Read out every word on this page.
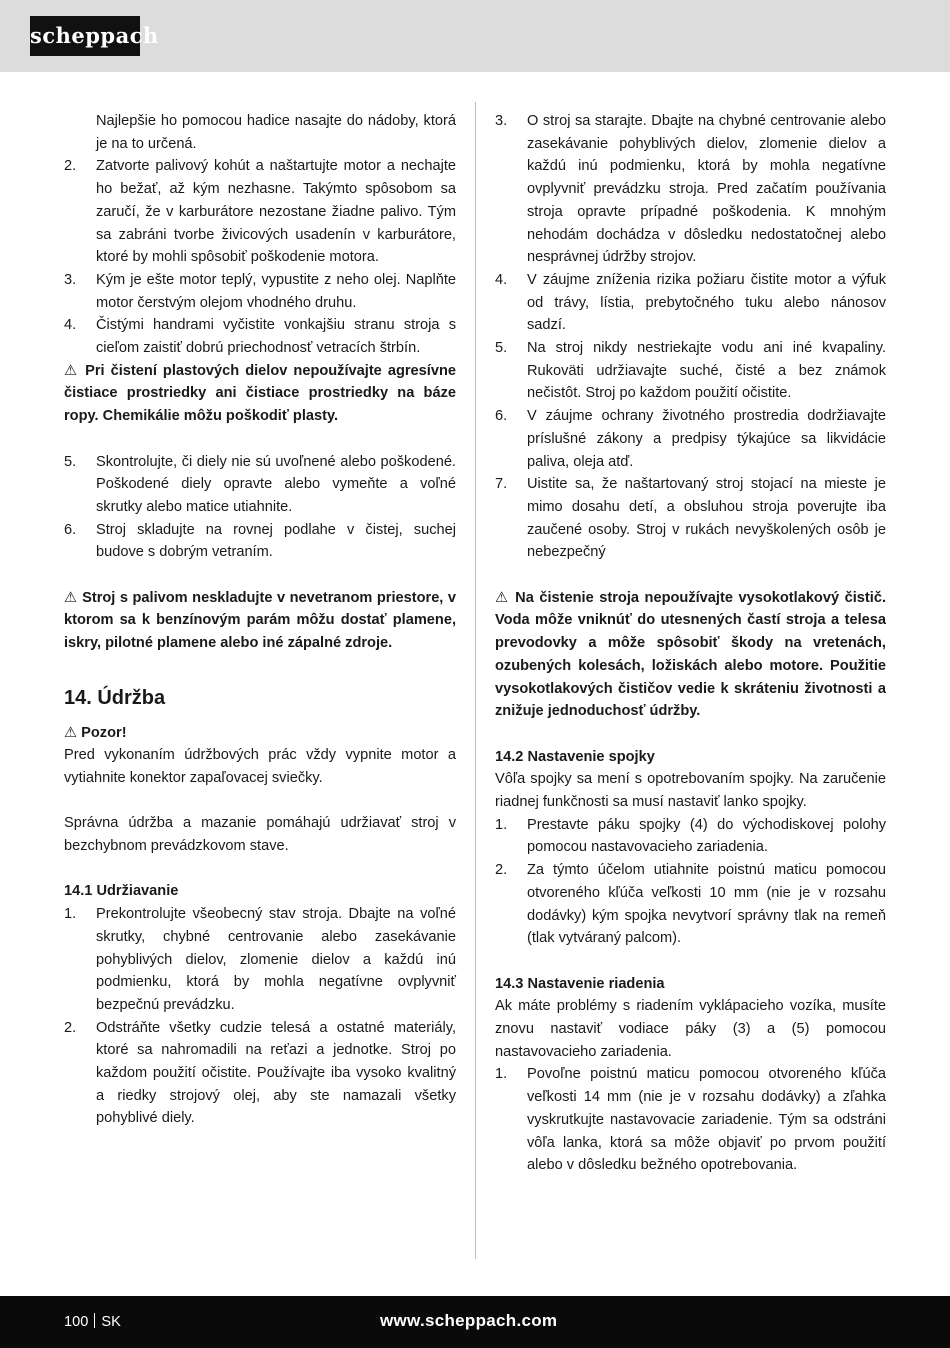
scheppach

Najlepšie ho pomocou hadice nasajte do nádoby, ktorá je na to určená.

2.	Zatvorte palivový kohút a naštartujte motor a nechajte ho bežať, až kým nezhasne. Takýmto spôsobom sa zaručí, že v karburátore nezostane žiadne palivo. Tým sa zabráni tvorbe živicových usadenín v karburátore, ktoré by mohli spôsobiť poškodenie motora.
3.	Kým je ešte motor teplý, vypustite z neho olej. Naplňte motor čerstvým olejom vhodného druhu.
4.	Čistými handrami vyčistite vonkajšiu stranu stroja s cieľom zaistiť dobrú priechodnosť vetracích štrbín.

⚠ Pri čistení plastových dielov nepoužívajte agresívne čistiace prostriedky ani čistiace prostriedky na báze ropy. Chemikálie môžu poškodiť plasty.

5.	Skontrolujte, či diely nie sú uvoľnené alebo poškodené. Poškodené diely opravte alebo vymeňte a voľné skrutky alebo matice utiahnite.
6.	Stroj skladujte na rovnej podlahe v čistej, suchej budove s dobrým vetraním.

⚠ Stroj s palivom neskladujte v nevetranom priestore, v ktorom sa k benzínovým parám môžu dostať plamene, iskry, pilotné plamene alebo iné zápalné zdroje.

14. Údržba

⚠ Pozor!

Pred vykonaním údržbových prác vždy vypnite motor a vytiahnite konektor zapaľovacej sviečky.

Správna údržba a mazanie pomáhajú udržiavať stroj v bezchybnom prevádzkovom stave.

14.1 Udržiavanie

1.	Prekontrolujte všeobecný stav stroja. Dbajte na voľné skrutky, chybné centrovanie alebo zasekávanie pohyblivých dielov, zlomenie dielov a každú inú podmienku, ktorá by mohla negatívne ovplyvniť bezpečnú prevádzku.
2.	Odstráňte všetky cudzie telesá a ostatné materiály, ktoré sa nahromadili na reťazi a jednotke. Stroj po každom použití očistite. Používajte iba vysoko kvalitný a riedky strojový olej, aby ste namazali všetky pohyblivé diely.
3.	O stroj sa starajte. Dbajte na chybné centrovanie alebo zasekávanie pohyblivých dielov, zlomenie dielov a každú inú podmienku, ktorá by mohla negatívne ovplyvniť prevádzku stroja. Pred začatím používania stroja opravte prípadné poškodenia. K mnohým nehodám dochádza v dôsledku nedostatočnej alebo nesprávnej údržby strojov.
4.	V záujme zníženia rizika požiaru čistite motor a výfuk od trávy, lístia, prebytočného tuku alebo nánosov sadzí.
5.	Na stroj nikdy nestriekajte vodu ani iné kvapaliny. Rukoväti udržiavajte suché, čisté a bez známok nečistôt. Stroj po každom použití očistite.
6.	V záujme ochrany životného prostredia dodržiavajte príslušné zákony a predpisy týkajúce sa likvidácie paliva, oleja atď.
7.	Uistite sa, že naštartovaný stroj stojací na mieste je mimo dosahu detí, a obsluhou stroja poverujte iba zaučené osoby. Stroj v rukách nevyškolených osôb je nebezpečný

⚠ Na čistenie stroja nepoužívajte vysokotlakový čistič. Voda môže vniknúť do utesnených častí stroja a telesa prevodovky a môže spôsobiť škody na vretenách, ozubených kolesách, ložiskách alebo motore. Použitie vysokotlakových čističov vedie k skráteniu životnosti a znižuje jednoduchosť údržby.

14.2 Nastavenie spojky

Vôľa spojky sa mení s opotrebovaním spojky. Na zaručenie riadnej funkčnosti sa musí nastaviť lanko spojky.

1.	Prestavte páku spojky (4) do východiskovej polohy pomocou nastavovacieho zariadenia.
2.	Za týmto účelom utiahnite poistnú maticu pomocou otvoreného kľúča veľkosti 10 mm (nie je v rozsahu dodávky) kým spojka nevytvorí správny tlak na remeň (tlak vytváraný palcom).

14.3 Nastavenie riadenia

Ak máte problémy s riadením vyklápacieho vozíka, musíte znovu nastaviť vodiace páky (3) a (5) pomocou nastavovacieho zariadenia.

1.	Povoľne poistnú maticu pomocou otvoreného kľúča veľkosti 14 mm (nie je v rozsahu dodávky) a zľahka vyskrutkujte nastavovacie zariadenie. Tým sa odstráni vôľa lanka, ktorá sa môže objaviť po prvom použití alebo v dôsledku bežného opotrebovania.
100 SK	www.scheppach.com
